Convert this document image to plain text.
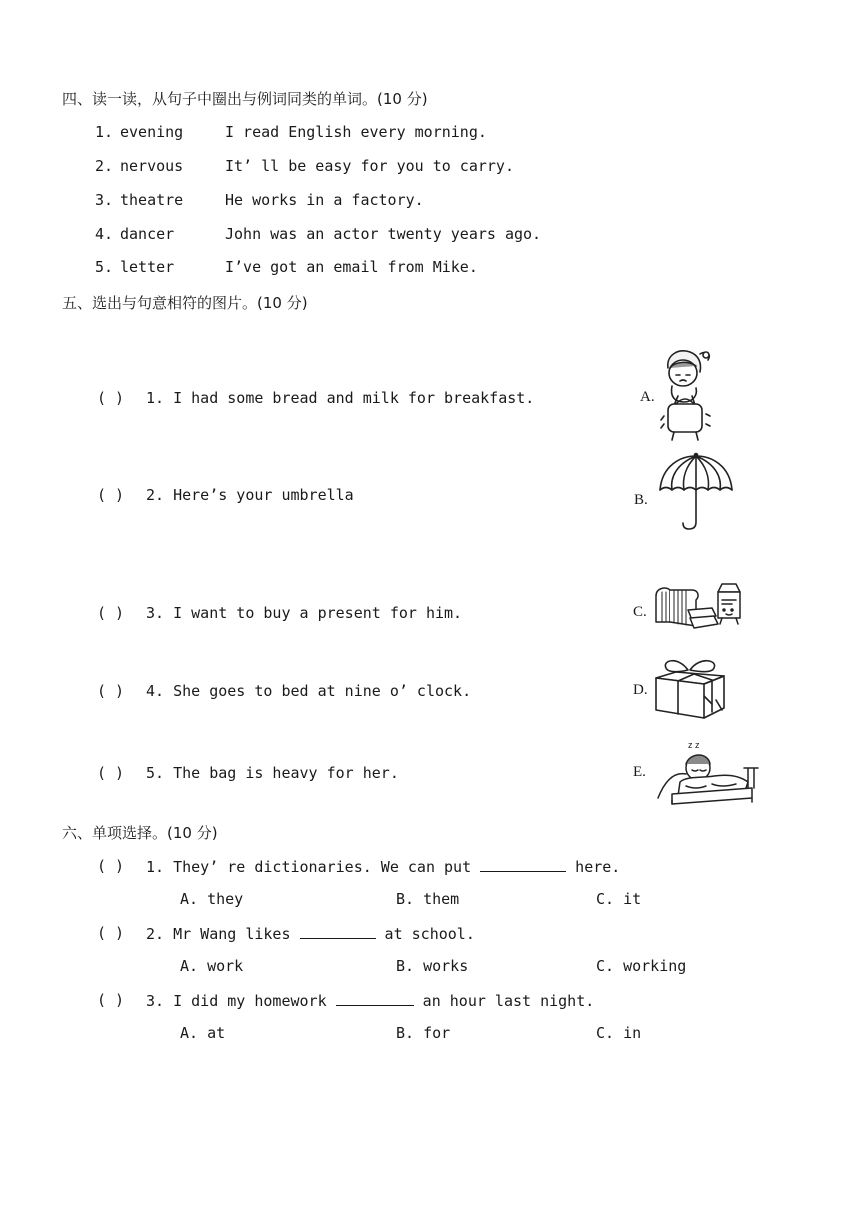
四、读一读，从句子中圈出与例词同类的单词。(10 分)
1. evening	I read English every morning.
2. nervous	It’ ll be easy for you to carry.
3. theatre	He works in a factory.
4. dancer	John was an actor twenty years ago.
5. letter	I’ve got an email from Mike.
五、选出与句意相符的图片。(10 分)
( ) 1. I had some bread and milk for breakfast.
( ) 2. Here’s your umbrella
( ) 3. I want to buy a present for him.
( ) 4. She goes to bed at nine o’ clock.
( ) 5. The bag is heavy for her.
A.
B.
C.
D.
E.
z z
六、单项选择。(10 分)
( ) 1. They’ re dictionaries. We can put	here.
A. they	B. them	C. it
( ) 2. Mr Wang likes	at school.
A. work	B. works	C. working
( ) 3. I did my homework	an hour last night.
A. at	B. for	C. in
